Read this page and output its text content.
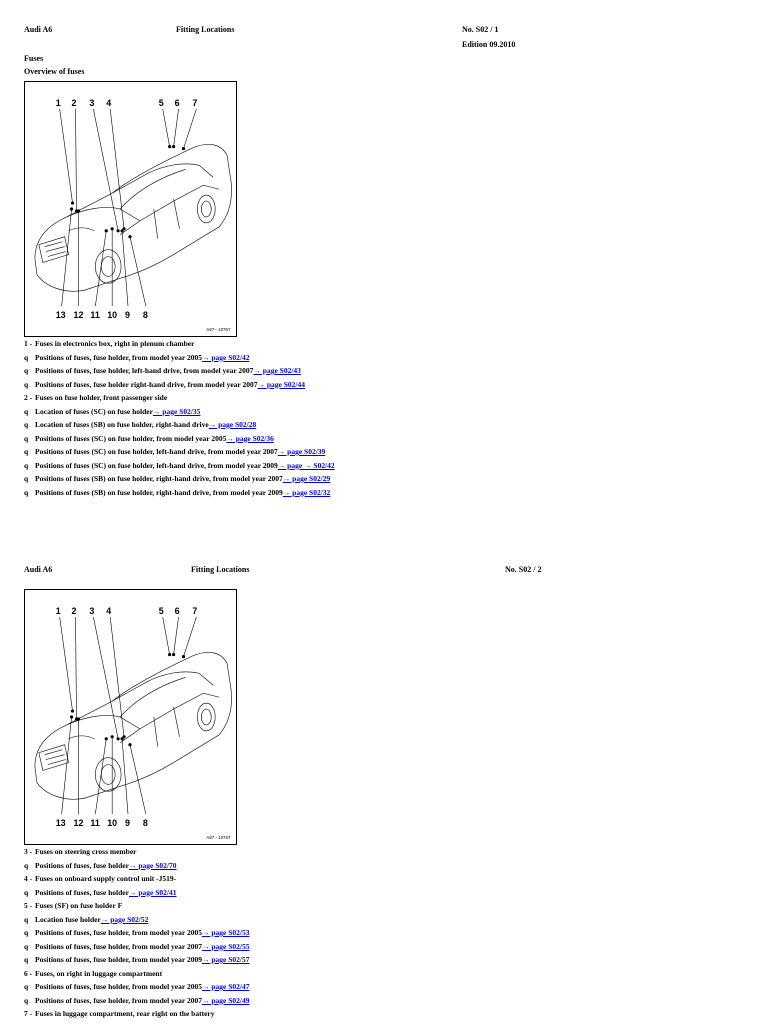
Audi A6	Fitting Locations	No. S02 / 1
Edition 09.2010
Fuses
Overview of fuses
1 2 3 4	5 6 7
13 12 11 10 9 8
A97 - 10767
1 - Fuses in electronics box, right in plenum chamber
q Positions of fuses, fuse holder, from model year 2005→ page S02/42
q Positions of fuses, fuse holder, left-hand drive, from model year 2007→ page S02/43
q Positions of fuses, fuse holder right-hand drive, from model year 2007→ page S02/44
2 - Fuses on fuse holder, front passenger side
q Location of fuses (SC) on fuse holder→ page S02/35
q Location of fuses (SB) on fuse holder, right-hand drive→ page S02/28
q Positions of fuses (SC) on fuse holder, from model year 2005→ page S02/36
q Positions of fuses (SC) on fuse holder, left-hand drive, from model year 2007→ page S02/39
q Positions of fuses (SC) on fuse holder, left-hand drive, from model year 2009→ page → S02/42
q Positions of fuses (SB) on fuse holder, right-hand drive, from model year 2007→ page S02/29
q Positions of fuses (SB) on fuse holder, right-hand drive, from model year 2009→ page S02/32
Audi A6	Fitting Locations	No. S02 / 2
1 2 3 4	5 6 7
13 12 11 10 9 8
A97 - 10767
3 - Fuses on steering cross member
q Positions of fuses, fuse holder→ page S02/70
4 - Fuses on onboard supply control unit -J519-
q Positions of fuses, fuse holder→ page S02/41
5 - Fuses (SF) on fuse holder F
q Location fuse holder→ page S02/52
q Positions of fuses, fuse holder, from model year 2005→ page S02/53
q Positions of fuses, fuse holder, from model year 2007→ page S02/55
q Positions of fuses, fuse holder, from model year 2009→ page S02/57
6 - Fuses, on right in luggage compartment
q Positions of fuses, fuse holder, from model year 2005→ page S02/47
q Positions of fuses, fuse holder, from model year 2007→ page S02/49
7 - Fuses in luggage compartment, rear right on the battery
